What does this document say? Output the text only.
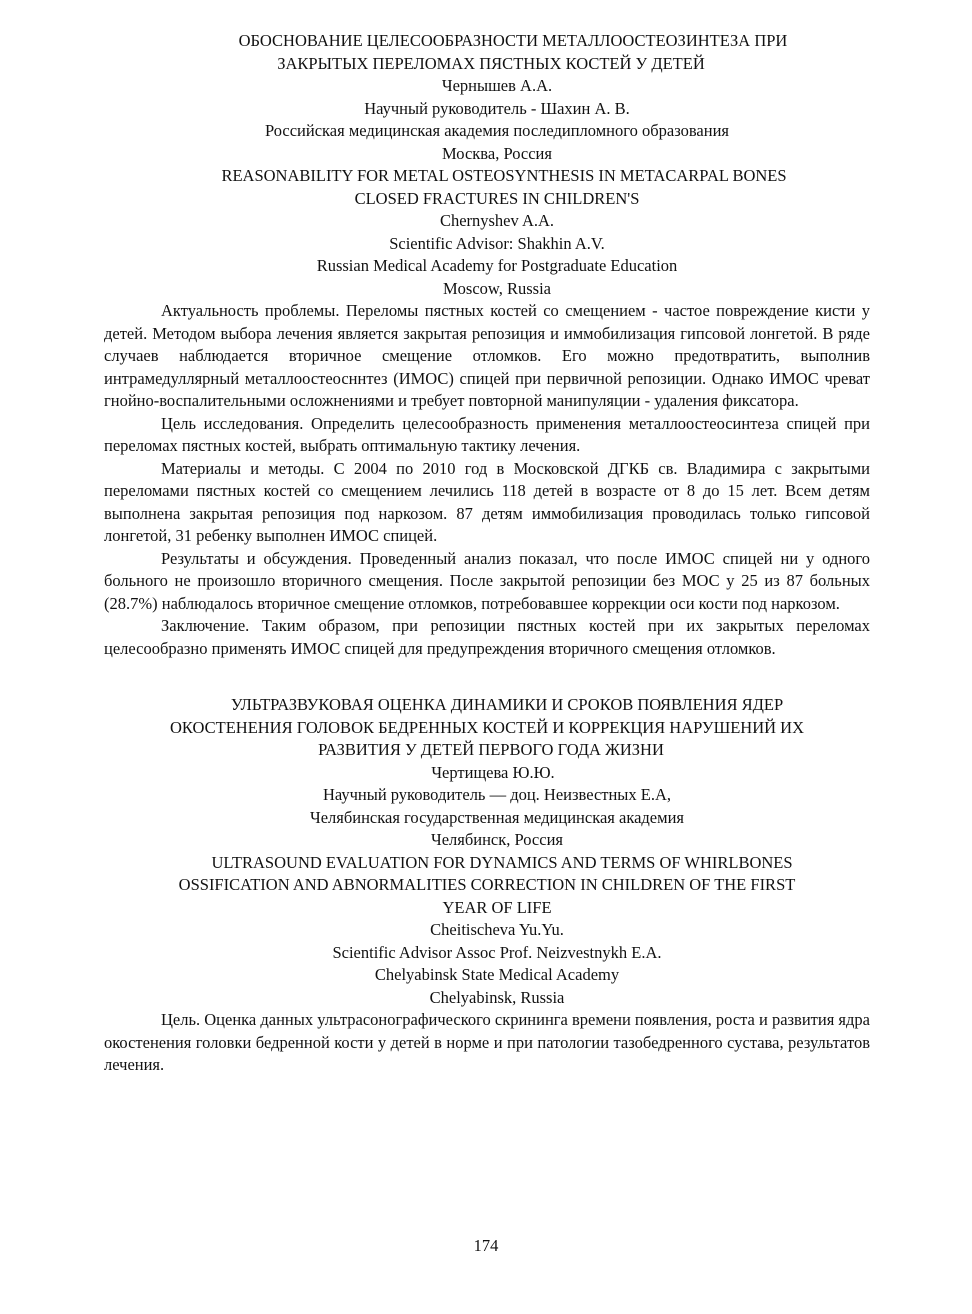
ОБОСНОВАНИЕ ЦЕЛЕСООБРАЗНОСТИ МЕТАЛЛООСТЕОЗИНТЕЗА ПРИ
ЗАКРЫТЫХ ПЕРЕЛОМАХ ПЯСТНЫХ КОСТЕЙ У ДЕТЕЙ
Чернышев А.А.
Научный руководитель - Шахин А. В.
Российская медицинская академия последипломного образования
Москва, Россия
REASONABILITY FOR METAL OSTEOSYNTHESIS IN METACARPAL BONES
CLOSED FRACTURES IN CHILDREN'S
Chernyshev A.A.
Scientific Advisor: Shakhin A.V.
Russian Medical Academy for Postgraduate Education
Moscow, Russia

Актуальность проблемы. Переломы пястных костей со смещением - частое повреждение кисти у детей. Методом выбора лечения является закрытая репозиция и иммобилизация гипсовой лонгетой. В ряде случаев наблюдается вторичное смещение отломков. Его можно предотвратить, выполнив интрамедуллярный металлоостеосннтез (ИМОС) спицей при первичной репозиции. Однако ИМОС чреват гнойно-воспалительными осложнениями и требует повторной манипуляции - удаления фиксатора.

Цель исследования. Определить целесообразность применения металлоостеосинтеза спицей при переломах пястных костей, выбрать оптимальную тактику лечения.

Материалы и методы. С 2004 по 2010 год в Московской ДГКБ св. Владимира с закрытыми переломами пястных костей со смещением лечились 118 детей в возрасте от 8 до 15 лет. Всем детям выполнена закрытая репозиция под наркозом. 87 детям иммобилизация проводилась только гипсовой лонгетой, 31 ребенку выполнен ИМОС спицей.

Результаты и обсуждения. Проведенный анализ показал, что после ИМОС спицей ни у одного больного не произошло вторичного смещения. После закрытой репозиции без МОС у 25 из 87 больных (28.7%) наблюдалось вторичное смещение отломков, потребовавшее коррекции оси кости под наркозом.

Заключение. Таким образом, при репозиции пястных костей при их закрытых переломах целесообразно применять ИМОС спицей для предупреждения вторичного смещения отломков.

УЛЬТРАЗВУКОВАЯ ОЦЕНКА ДИНАМИКИ И СРОКОВ ПОЯВЛЕНИЯ ЯДЕР
ОКОСТЕНЕНИЯ ГОЛОВОК БЕДРЕННЫХ КОСТЕЙ И КОРРЕКЦИЯ НАРУШЕНИЙ ИХ
РАЗВИТИЯ У ДЕТЕЙ ПЕРВОГО ГОДА ЖИЗНИ
Чертищева Ю.Ю.
Научный руководитель — доц. Неизвестных Е.А,
Челябинская государственная медицинская академия
Челябинск, Россия
ULTRASOUND EVALUATION FOR DYNAMICS AND TERMS OF WHIRLBONES
OSSIFICATION AND ABNORMALITIES CORRECTION IN CHILDREN OF THE FIRST
YEAR OF LIFE
Cheitischeva Yu.Yu.
Scientific Advisor Assoc Prof. Neizvestnykh E.A.
Chelyabinsk State Medical Academy
Chelyabinsk, Russia

Цель. Оценка данных ультрасонографического скрининга времени появления, роста и развития ядра окостенения головки бедренной кости у детей в норме и при патологии тазобедренного сустава, результатов лечения.

174
